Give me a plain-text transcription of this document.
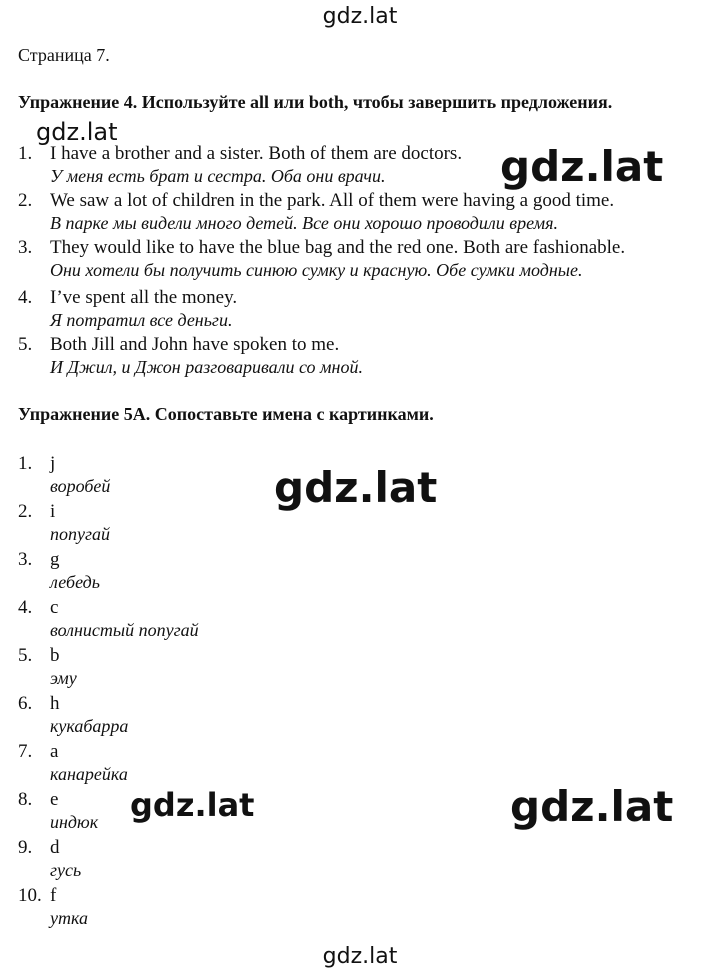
gdz.lat
gdz.lat
gdz.lat
gdz.lat
gdz.lat	gdz.lat
gdz.lat
Страница 7.
Упражнение 4. Используйте all или both, чтобы завершить предложения.
1. I have a brother and a sister. Both of them are doctors.
У меня есть брат и сестра. Оба они врачи.
2. We saw a lot of children in the park. All of them were having a good time.
В парке мы видели много детей. Все они хорошо проводили время.
3. They would like to have the blue bag and the red one. Both are fashionable.
Они хотели бы получить синюю сумку и красную. Обе сумки модные.
4. I’ve spent all the money.
Я потратил все деньги.
5. Both Jill and John have spoken to me.
И Джил, и Джон разговаривали со мной.
Упражнение 5A. Сопоставьте имена с картинками.
1. j
воробей
2. i
попугай
3. g
лебедь
4. c
волнистый попугай
5. b
эму
6. h
кукабарра
7. a
канарейка
8. e
индюк
9. d
гусь
10. f
утка
